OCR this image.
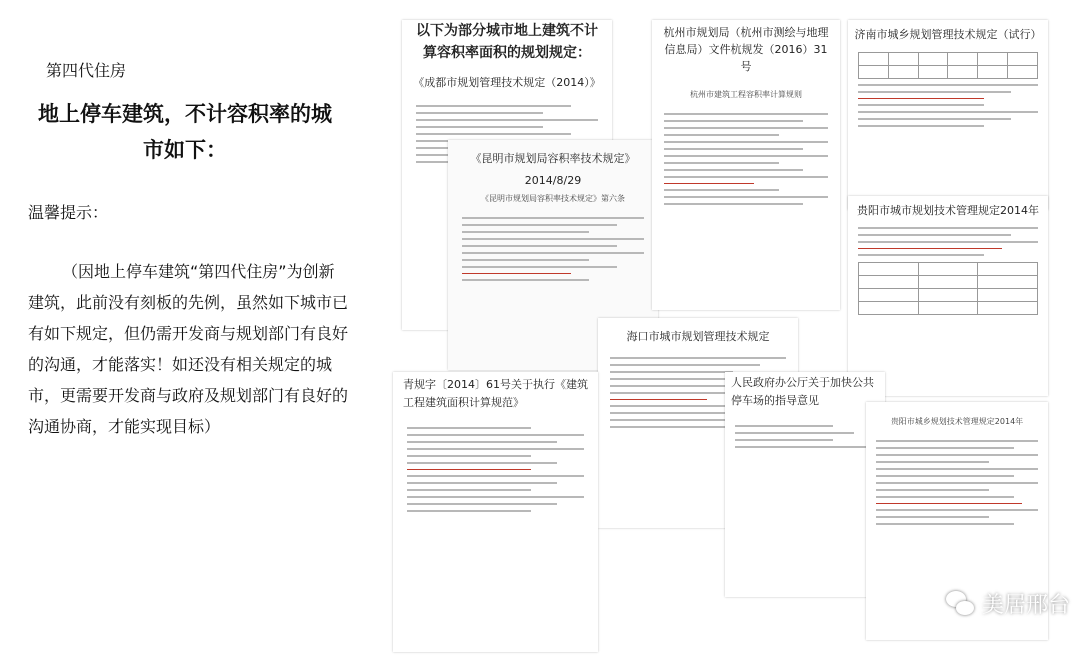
第四代住房
地上停车建筑，不计容积率的城市如下：
温馨提示：
（因地上停车建筑“第四代住房”为创新建筑，此前没有刻板的先例，虽然如下城市已有如下规定，但仍需开发商与规划部门有良好的沟通，才能落实！如还没有相关规定的城市，更需要开发商与政府及规划部门有良好的沟通协商，才能实现目标）
以下为部分城市地上建筑不计算容积率面积的规划规定：
《成都市规划管理技术规定（2014）》
《昆明市规划局容积率技术规定》
2014/8/29
《昆明市规划局容积率技术规定》第六条
杭州市规划局（杭州市测绘与地理信息局）文件杭规发（2016）31号
杭州市建筑工程容积率计算规则
济南市城乡规划管理技术规定（试行）

贵阳市城市规划技术管理规定2014年

海口市城市规划管理技术规定
人民政府办公厅关于加快公共停车场的指导意见
贵阳市城乡规划技术管理规定2014年
青规字〔2014〕61号关于执行《建筑工程建筑面积计算规范》
美居邢台
